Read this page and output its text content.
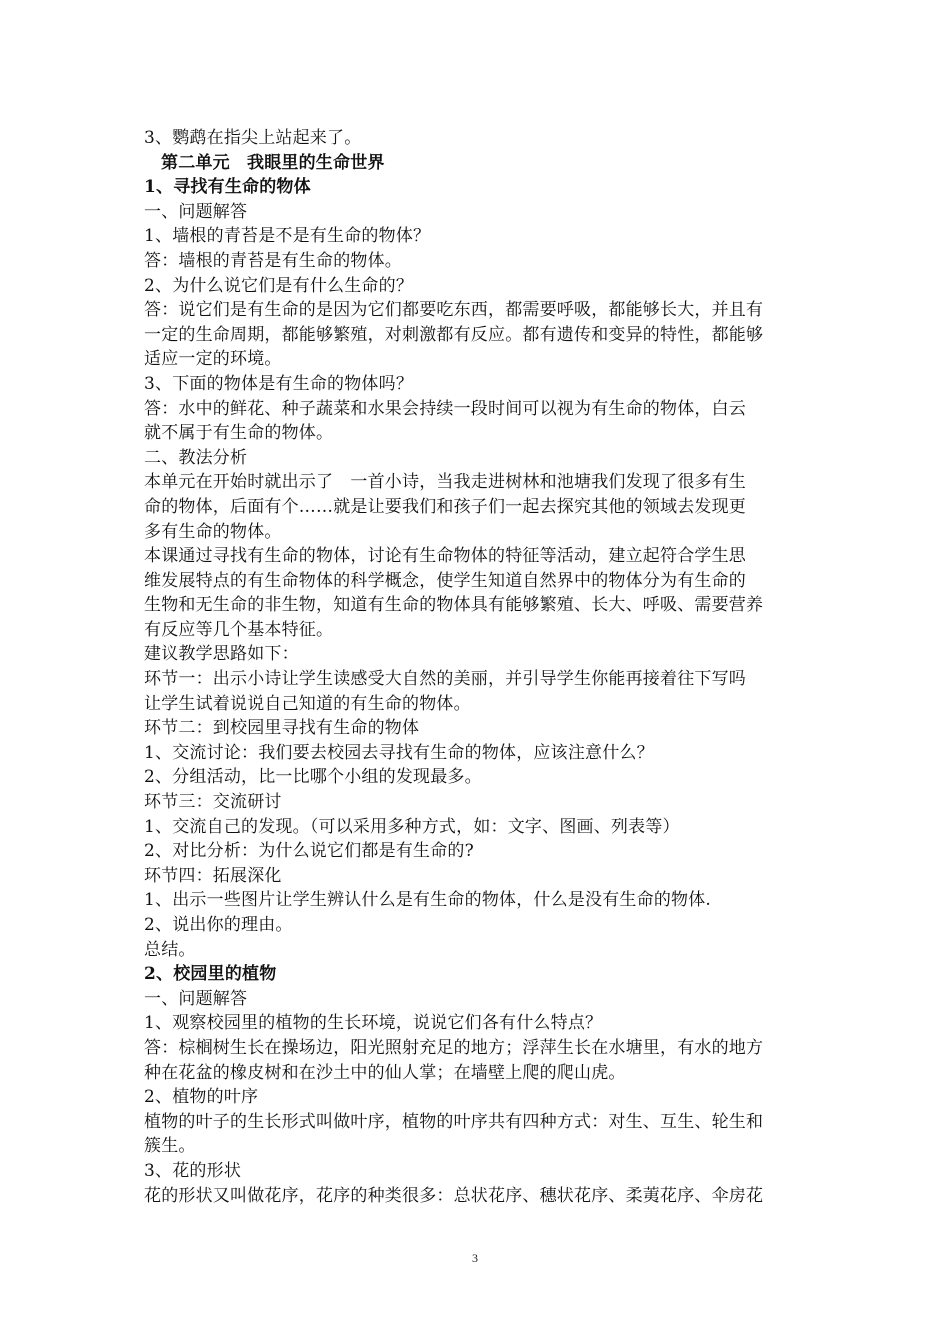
3、鹦鹉在指尖上站起来了。
第二单元　我眼里的生命世界
1、寻找有生命的物体
一、问题解答
1、墙根的青苔是不是有生命的物体？
答：墙根的青苔是有生命的物体。
2、为什么说它们是有什么生命的？
答：说它们是有生命的是因为它们都要吃东西，都需要呼吸，都能够长大，并且有
一定的生命周期，都能够繁殖，对刺激都有反应。都有遗传和变异的特性，都能够
适应一定的环境。
3、下面的物体是有生命的物体吗？
答：水中的鲜花、种子蔬菜和水果会持续一段时间可以视为有生命的物体，白云
就不属于有生命的物体。
二、教法分析
本单元在开始时就出示了　一首小诗，当我走进树林和池塘我们发现了很多有生
命的物体，后面有个……就是让要我们和孩子们一起去探究其他的领域去发现更
多有生命的物体。
本课通过寻找有生命的物体，讨论有生命物体的特征等活动，建立起符合学生思
维发展特点的有生命物体的科学概念，使学生知道自然界中的物体分为有生命的
生物和无生命的非生物，知道有生命的物体具有能够繁殖、长大、呼吸、需要营养
有反应等几个基本特征。
建议教学思路如下：
环节一：出示小诗让学生读感受大自然的美丽，并引导学生你能再接着往下写吗
让学生试着说说自己知道的有生命的物体。
环节二：到校园里寻找有生命的物体
1、交流讨论：我们要去校园去寻找有生命的物体，应该注意什么？
2、分组活动，比一比哪个小组的发现最多。
环节三：交流研讨
1、交流自己的发现。（可以采用多种方式，如：文字、图画、列表等）
2、对比分析：为什么说它们都是有生命的?
环节四：拓展深化
1、出示一些图片让学生辨认什么是有生命的物体，什么是没有生命的物体.
2、说出你的理由。
总结。
2、校园里的植物
一、问题解答
1、观察校园里的植物的生长环境，说说它们各有什么特点？
答：棕榈树生长在操场边，阳光照射充足的地方；浮萍生长在水塘里，有水的地方
种在花盆的橡皮树和在沙土中的仙人掌；在墙壁上爬的爬山虎。
2、植物的叶序
植物的叶子的生长形式叫做叶序，植物的叶序共有四种方式：对生、互生、轮生和
簇生。
3、花的形状
花的形状又叫做花序，花序的种类很多：总状花序、穗状花序、柔荑花序、伞房花
3
